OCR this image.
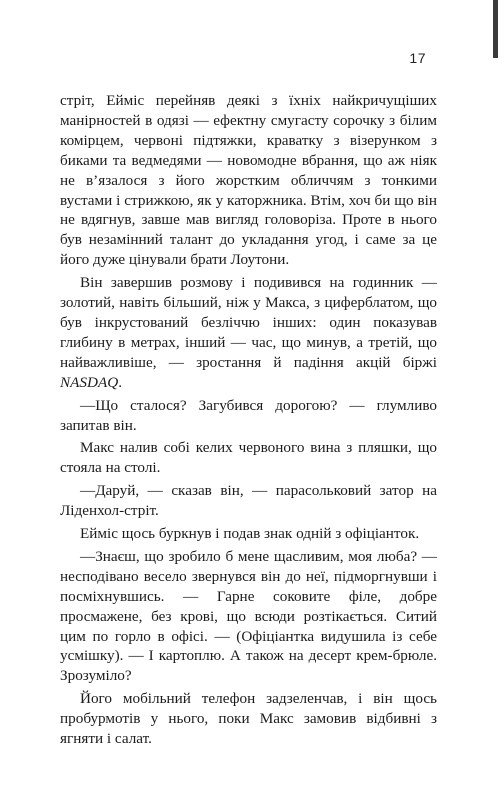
17

стріт, Ейміс перейняв деякі з їхніх найкричущіших манірностей в одязі — ефектну смугасту сорочку з білим комірцем, червоні підтяжки, краватку з візерунком з биками та ведмедями — новомодне вбрання, що аж ніяк не в’язалося з його жорстким обличчям з тонкими вустами і стрижкою, як у каторжника. Втім, хоч би що він не вдягнув, завше мав вигляд головоріза. Проте в нього був незамінний талант до укладання угод, і саме за це його дуже цінували брати Лоутони.

Він завершив розмову і подивився на годинник — золотий, навіть більший, ніж у Макса, з циферблатом, що був інкрустований безліччю інших: один показував глибину в метрах, інший — час, що минув, а третій, що найважливіше, — зростання й падіння акцій біржі NASDAQ.

—Що сталося? Загубився дорогою? — глумливо запитав він.

Макс налив собі келих червоного вина з пляшки, що стояла на столі.

—Даруй, — сказав він, — парасольковий затор на Ліденхол-стріт.

Ейміс щось буркнув і подав знак одній з офіціанток.

—Знаєш, що зробило б мене щасливим, моя люба? — несподівано весело звернувся він до неї, підморгнувши і посміхнувшись. — Гарне соковите філе, добре просмажене, без крові, що всюди розтікається. Ситий цим по горло в офісі. — (Офіціантка видушила із себе усмішку). — І картоплю. А також на десерт крем-брюле. Зрозуміло?

Його мобільний телефон задзеленчав, і він щось пробурмотів у нього, поки Макс замовив відбивні з ягняти і салат.
